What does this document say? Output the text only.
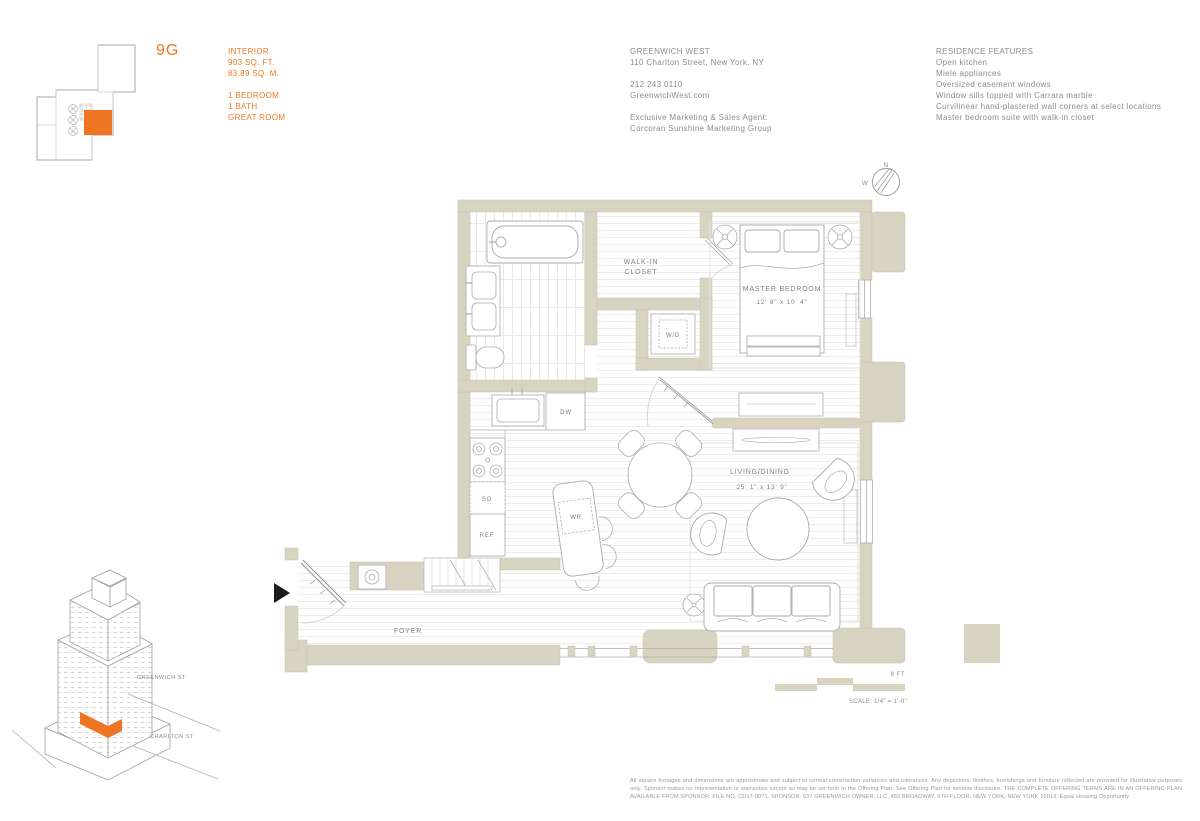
9G	INTERIOR
903 SQ. FT.
83.89 SQ. M.
1 BEDROOM
1 BATH
GREAT ROOM
GREENWICH WEST
110 Charlton Street, New York, NY
212 243 0110
GreenwichWest.com
Exclusive Marketing & Sales Agent:
Corcoran Sunshine Marketing Group
RESIDENCE FEATURES
Open kitchen
Miele appliances
Oversized casement windows
Window sills topped with Carrara marble
Curvilinear hand-plastered wall corners at select locations
Master bedroom suite with walk-in closet
N
W
WALK-IN
CLOSET
W/D
MASTER BEDROOM
12' 8" x 10' 4"
LIVING/DINING
25' 1" x 13' 9"
FOYER
DW
SO
REF
WR
GREENWICH ST
CHARLTON ST
8 FT
SCALE: 1/4" = 1'-0"
All square footages and dimensions are approximate and subject to normal construction variances and tolerances. Any depictions, finishes, furnishings and furniture reflected are provided for illustrative purposes only. Sponsor makes no representation or warranties except as may be set forth in the Offering Plan. See Offering Plan for window disclosure. THE COMPLETE OFFERING TERMS ARE IN AN OFFERING PLAN AVAILABLE FROM SPONSOR. FILE NO. CD17-0071. SPONSOR: 537 GREENWICH OWNER, LLC, 483 BROADWAY, 5TH FLOOR, NEW YORK, NEW YORK 10013. Equal Housing Opportunity.
